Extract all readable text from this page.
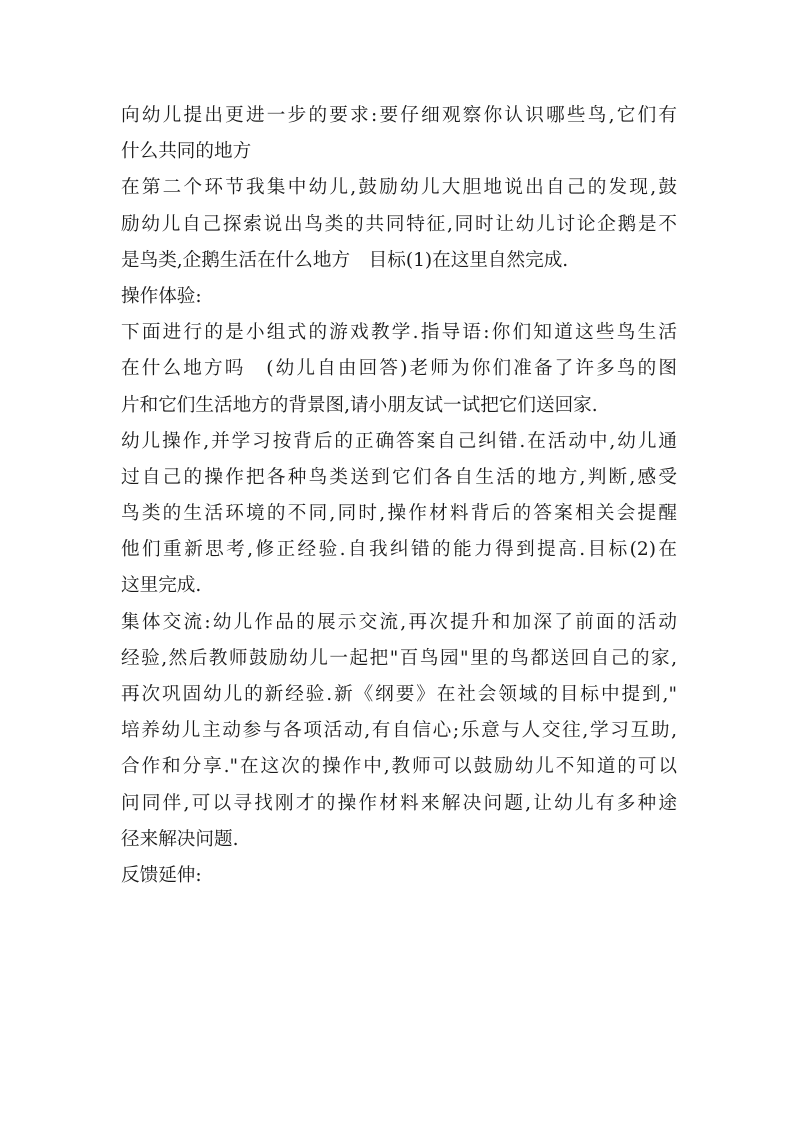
向幼儿提出更进一步的要求:要仔细观察你认识哪些鸟,它们有
什么共同的地方
在第二个环节我集中幼儿,鼓励幼儿大胆地说出自己的发现,鼓
励幼儿自己探索说出鸟类的共同特征,同时让幼儿讨论企鹅是不
是鸟类,企鹅生活在什么地方　目标(1)在这里自然完成.
操作体验:
下面进行的是小组式的游戏教学.指导语:你们知道这些鸟生活
在什么地方吗　(幼儿自由回答)老师为你们准备了许多鸟的图
片和它们生活地方的背景图,请小朋友试一试把它们送回家.
幼儿操作,并学习按背后的正确答案自己纠错.在活动中,幼儿通
过自己的操作把各种鸟类送到它们各自生活的地方,判断,感受
鸟类的生活环境的不同,同时,操作材料背后的答案相关会提醒
他们重新思考,修正经验.自我纠错的能力得到提高.目标(2)在
这里完成.
集体交流:幼儿作品的展示交流,再次提升和加深了前面的活动
经验,然后教师鼓励幼儿一起把"百鸟园"里的鸟都送回自己的家,
再次巩固幼儿的新经验.新《纲要》在社会领域的目标中提到,"
培养幼儿主动参与各项活动,有自信心;乐意与人交往,学习互助,
合作和分享."在这次的操作中,教师可以鼓励幼儿不知道的可以
问同伴,可以寻找刚才的操作材料来解决问题,让幼儿有多种途
径来解决问题.
反馈延伸:
